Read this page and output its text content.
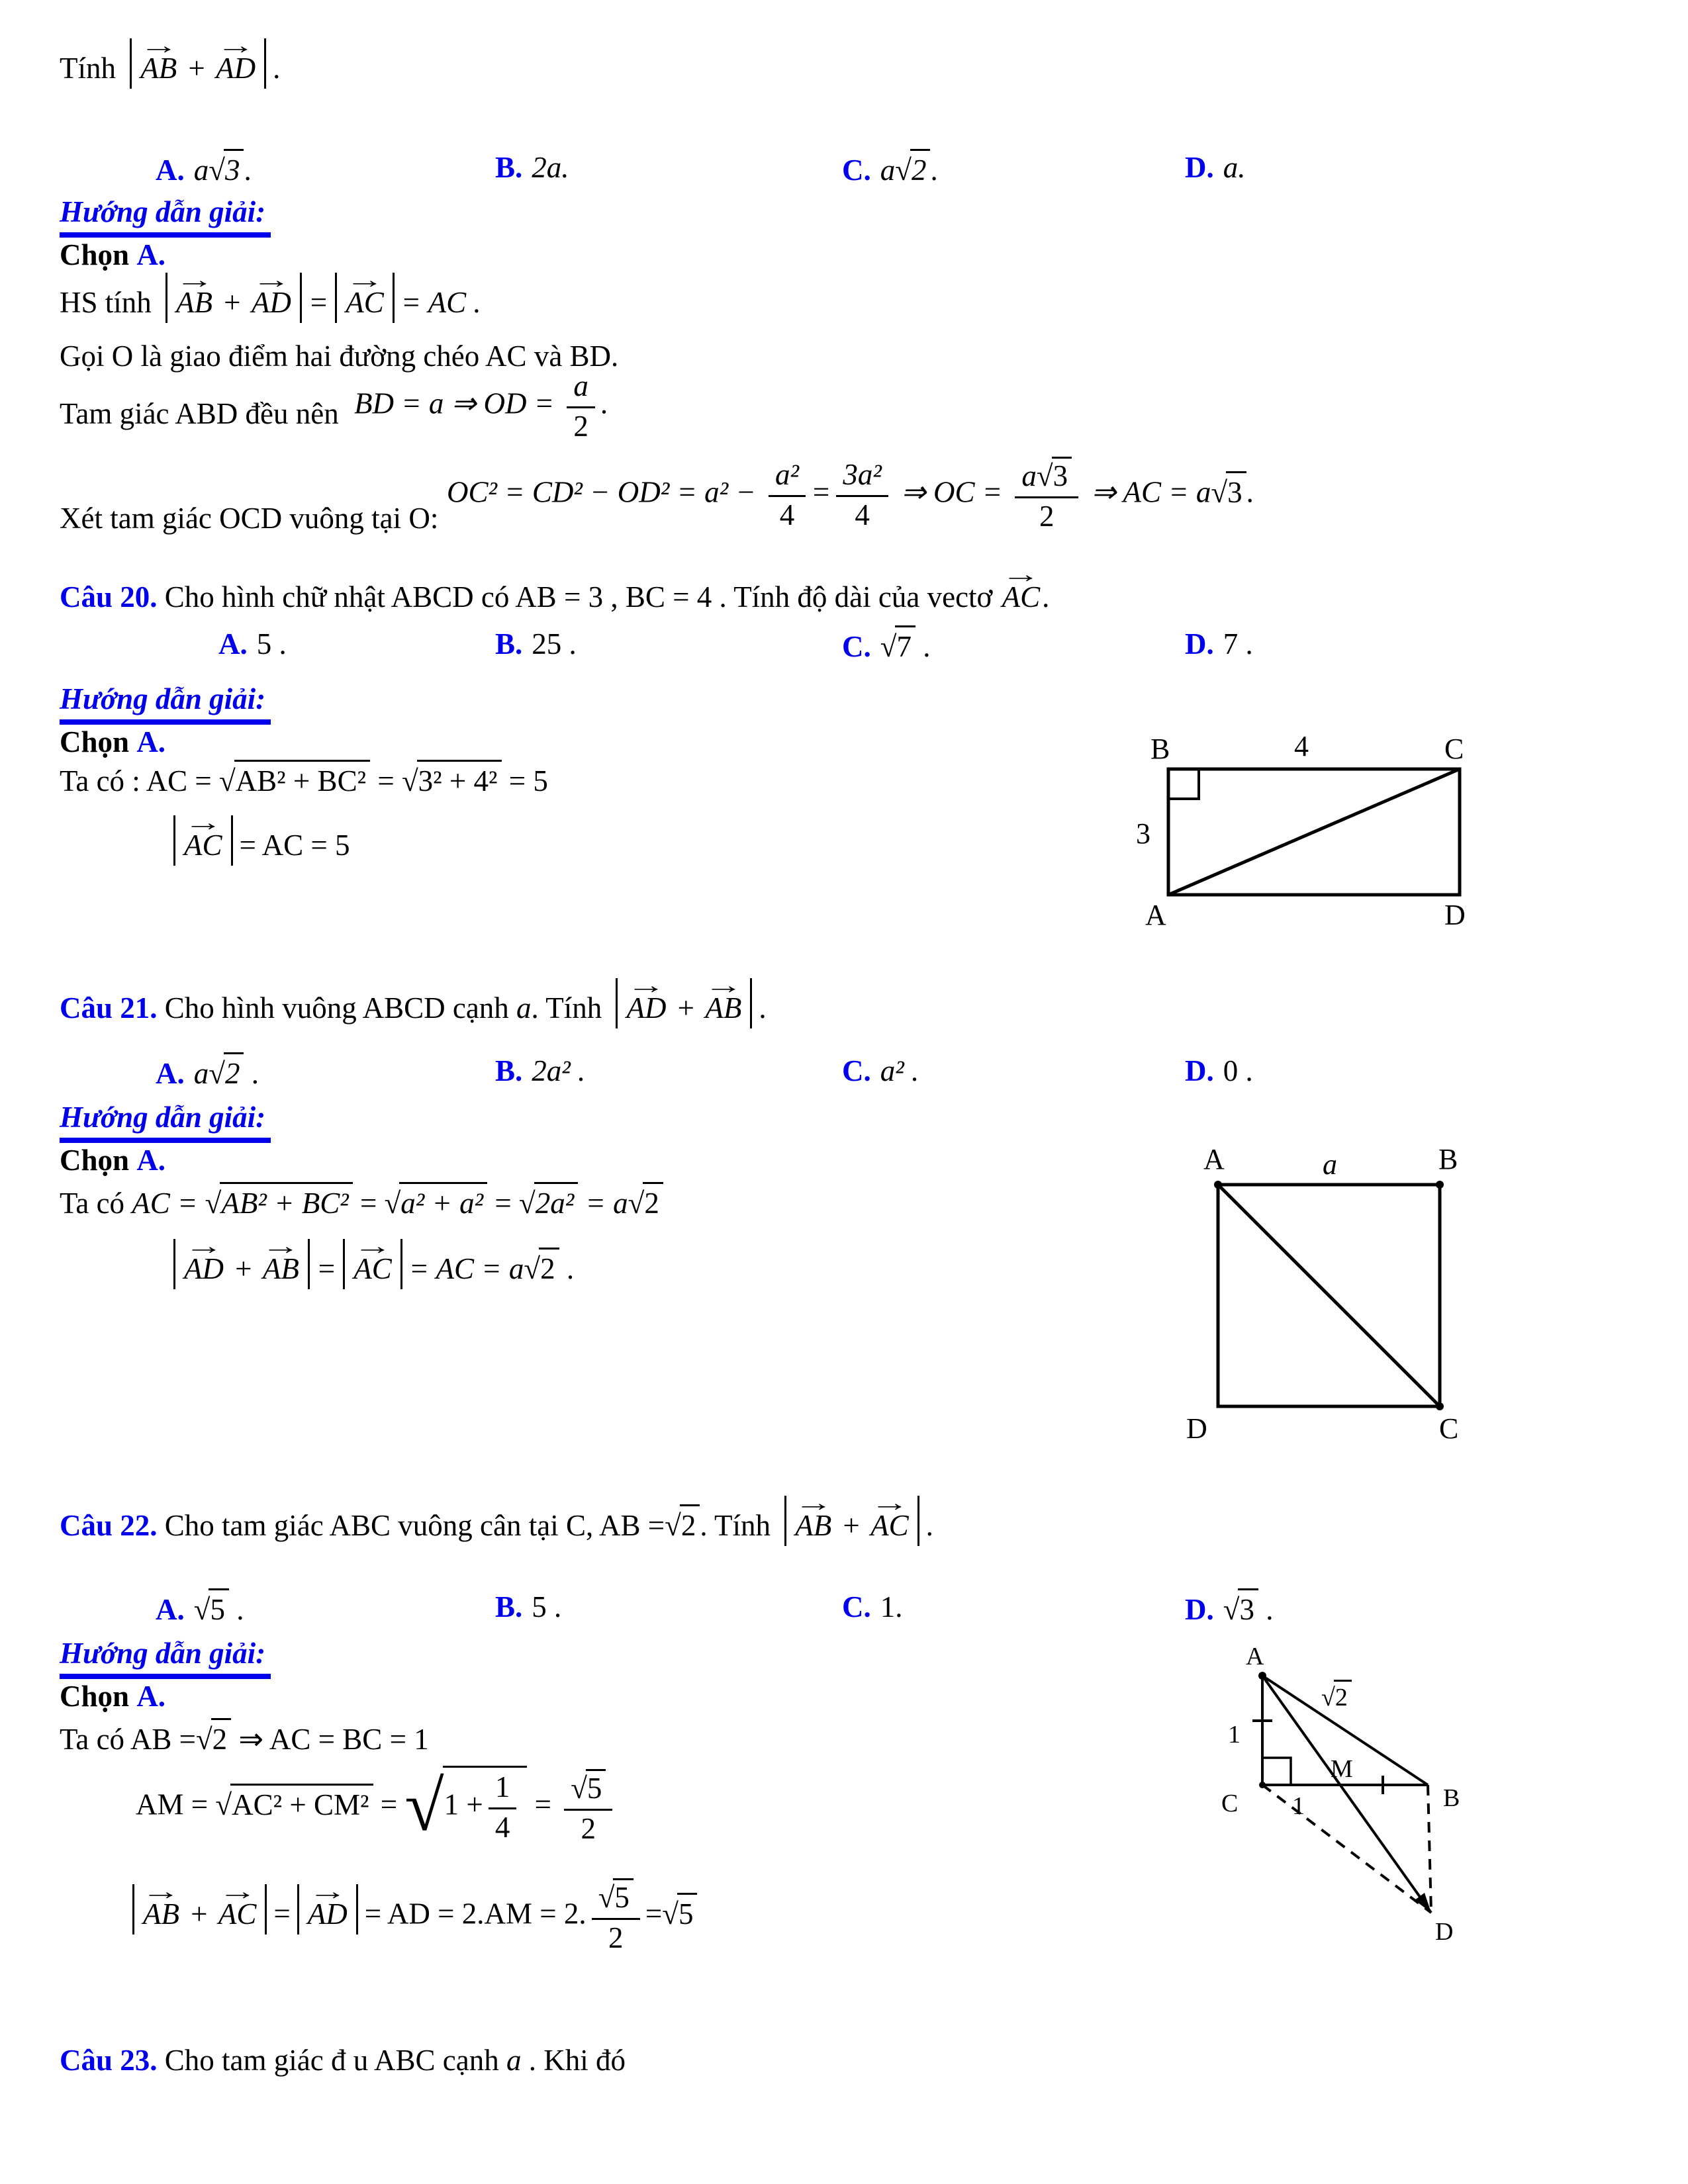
Tính → AB + → AD .
A. a √ 3 .	B. 2a.	C. a √ 2 .	D. a.
Hướng dẫn giải:
Chọn A.
HS tính → AB + → AD = → AC = AC .
Gọi O là giao điểm hai đường chéo AC và BD.
Tam giác ABD đều nên BD = a ⇒ OD = $\frac{a}{2}$ .
Xét tam giác OCD vuông tại O:
$OC^2 = CD^2 - OD^2 = a^2 - \frac{\text{a²}}{4} = \frac{\text{3a²}}{4}$ ⇒ OC = $\frac{a √ 3}{2}$ ⇒ AC = a √ 3 .
Câu 20. Cho hình chữ nhật ABCD có AB = 3 , BC = 4 . Tính độ dài của vectơ → AC.
A. 5 .	B. 25 .	C. √ 7 .	D. 7 .
Hướng dẫn giải:
Chọn A.
Ta có : AC = √ AB² + BC² = √ 3² + 4² = 5
→ AC = AC = 5
B	4	C
3
A	D
Câu 21. Cho hình vuông ABCD cạnh a. Tính → AD + → AB .
A. a √ 2 .	B. 2a² .	C. a² .	D. 0 .
Hướng dẫn giải:
Chọn A.
Ta có AC = √ AB² + BC² = √ a² + a² = √ 2a² = a √ 2
→ AD + → AB = → AC = AC = a √ 2 .
A	a	B
D	C
Câu 22. Cho tam giác ABC vuông cân tại C, AB = √ 2 . Tính → AB + → AC .
A. √ 5 .	B. 5 .	C. 1.	D. √ 3 .
Hướng dẫn giải:
Chọn A.
Ta có AB = √ 2 ⇒ AC = BC = 1
AM = √ AC² + CM² = √ $1 + \frac{1}{4}$ = √ $\frac{5}{2}$
→ AB + → AC = → AD = AD = 2.AM = 2. √ $\frac{5}{2}$ = √ 5
A
√ 2
1
M
C 1	B
D
Câu 23. Cho tam giác đ u ABC cạnh a . Khi đó
